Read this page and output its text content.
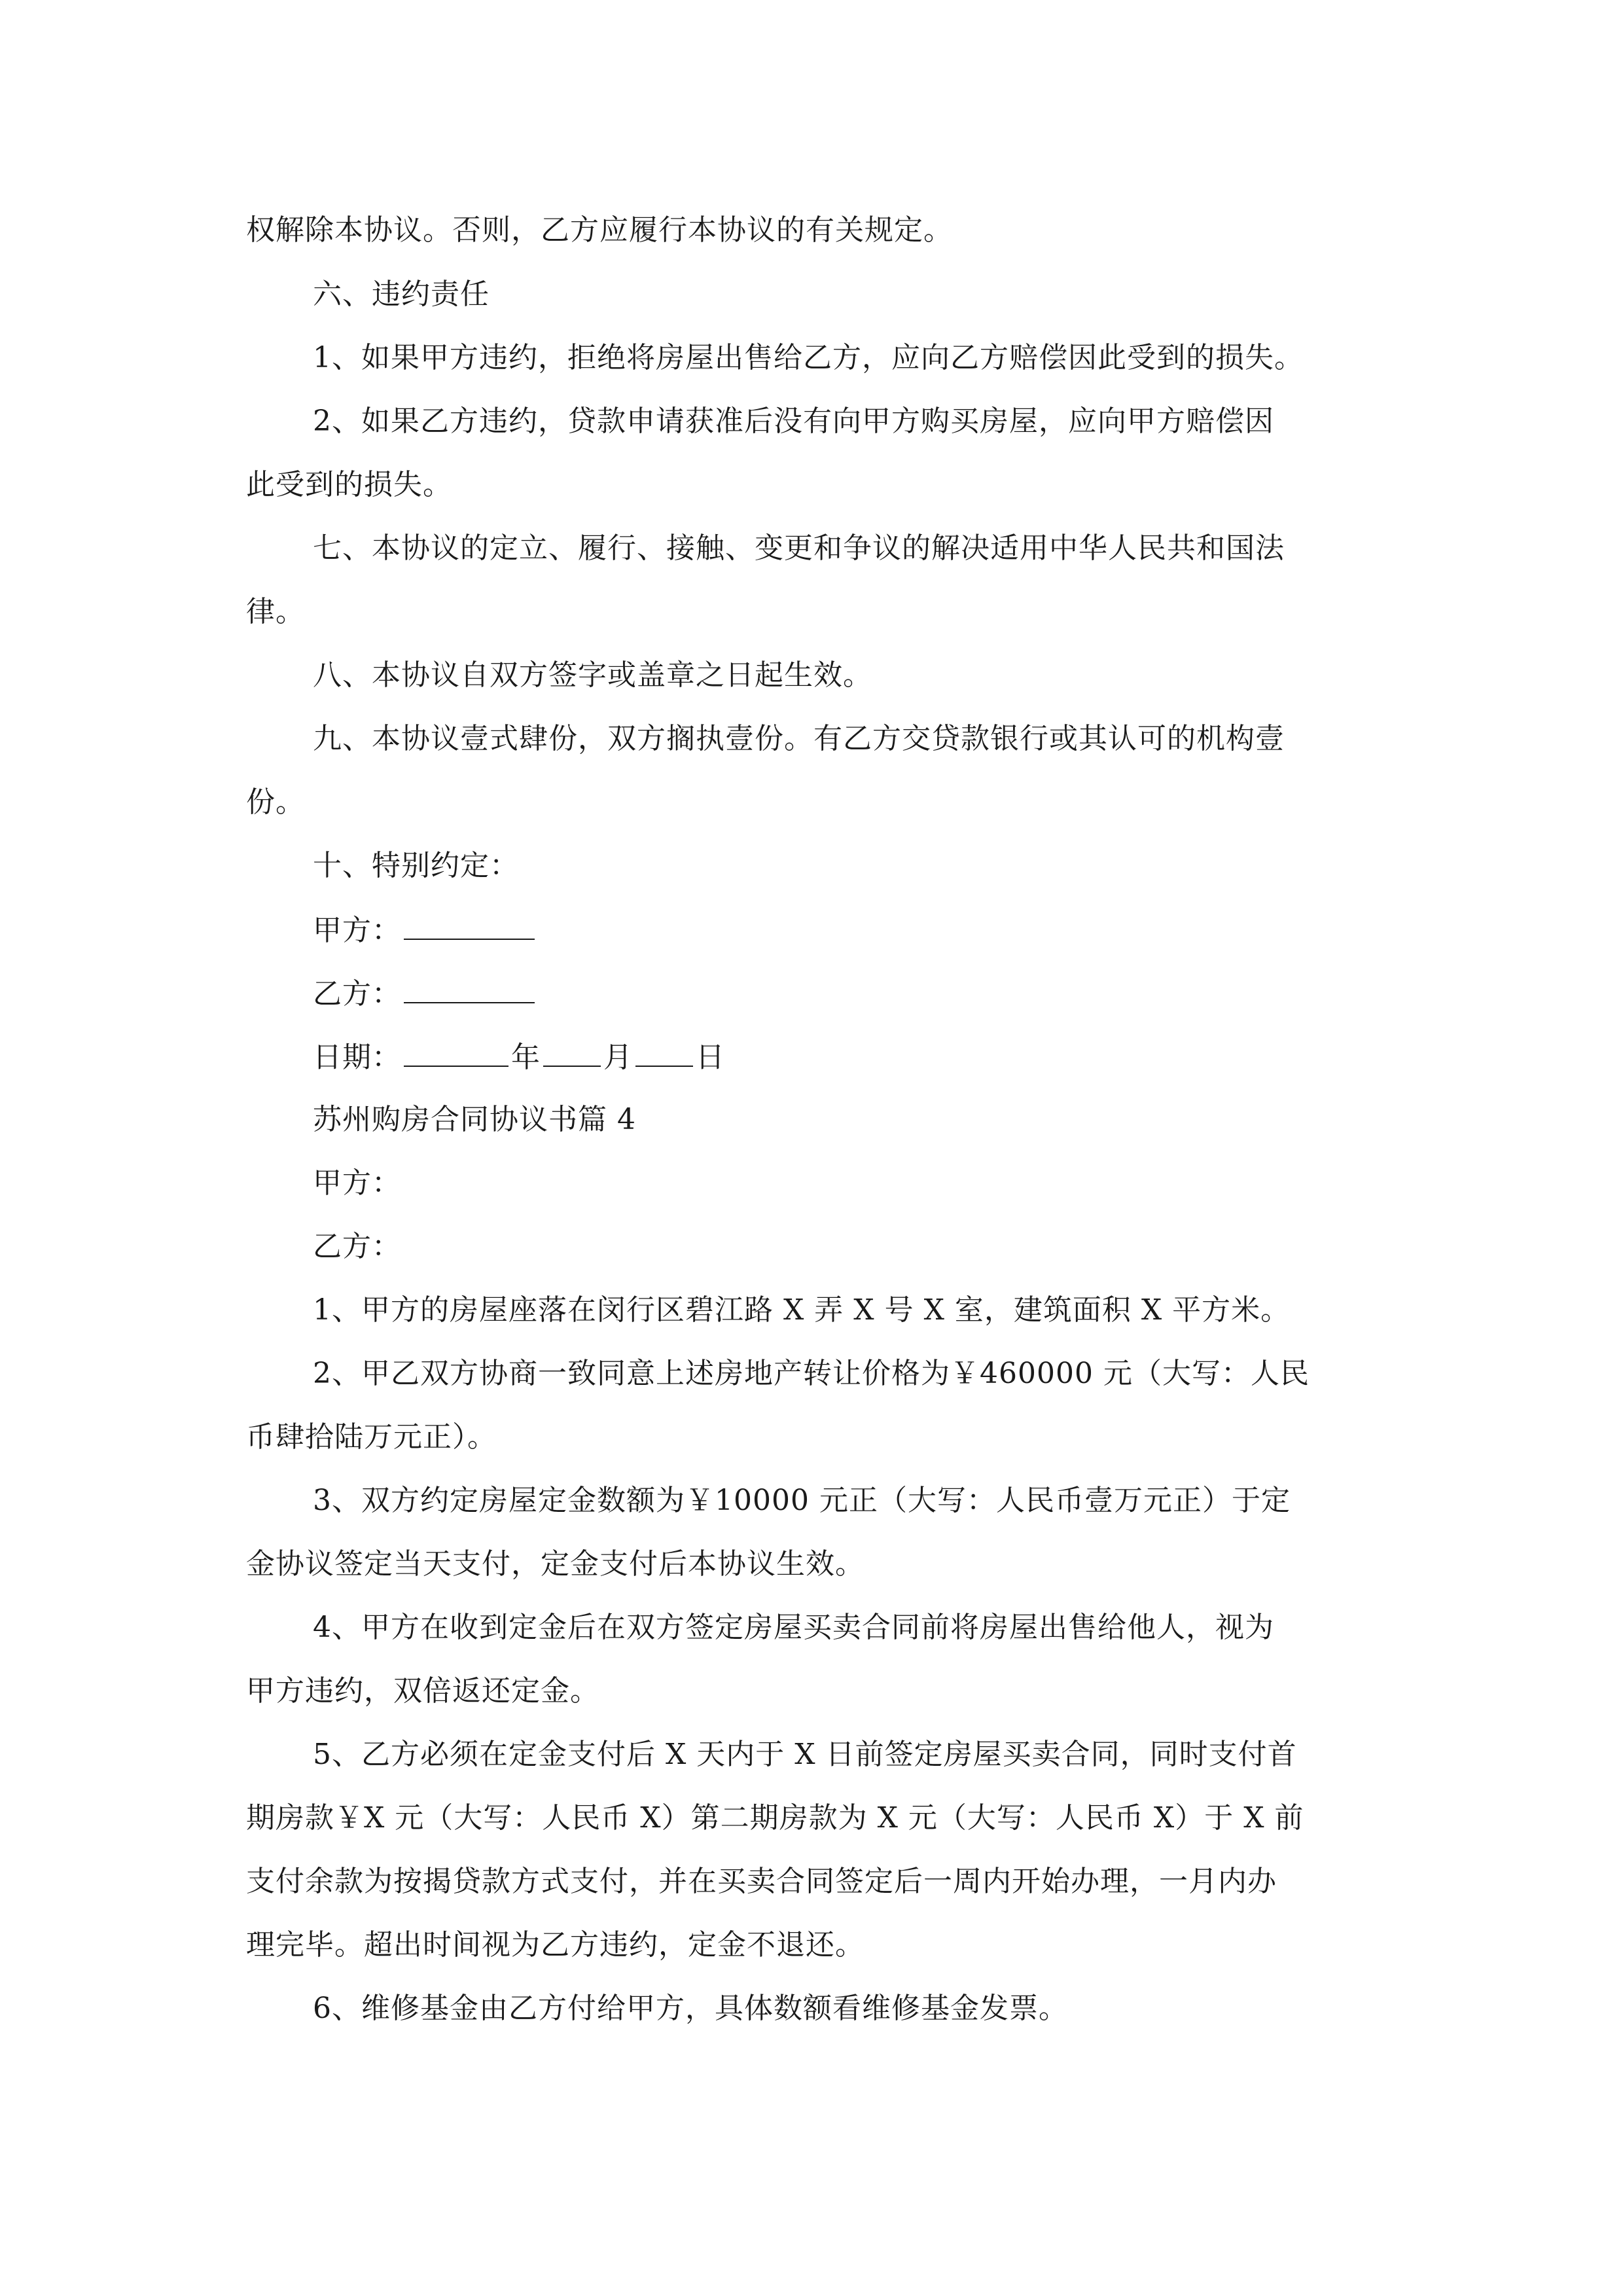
权解除本协议。否则，乙方应履行本协议的有关规定。
六、违约责任
1、如果甲方违约，拒绝将房屋出售给乙方，应向乙方赔偿因此受到的损失。
2、如果乙方违约，贷款申请获准后没有向甲方购买房屋，应向甲方赔偿因
此受到的损失。
七、本协议的定立、履行、接触、变更和争议的解决适用中华人民共和国法
律。
八、本协议自双方签字或盖章之日起生效。
九、本协议壹式肆份，双方搁执壹份。有乙方交贷款银行或其认可的机构壹
份。
十、特别约定：
甲方：
乙方：
日期：	年 月 日
苏州购房合同协议书篇 4
甲方：
乙方：
1、甲方的房屋座落在闵行区碧江路 X 弄 X 号 X 室，建筑面积 X 平方米。
2、甲乙双方协商一致同意上述房地产转让价格为￥460000 元（大写：人民
币肆拾陆万元正）。
3、双方约定房屋定金数额为￥10000 元正（大写：人民币壹万元正）于定
金协议签定当天支付，定金支付后本协议生效。
4、甲方在收到定金后在双方签定房屋买卖合同前将房屋出售给他人，视为
甲方违约，双倍返还定金。
5、乙方必须在定金支付后 X 天内于 X 日前签定房屋买卖合同，同时支付首
期房款￥X 元（大写：人民币 X）第二期房款为 X 元（大写：人民币 X）于 X 前
支付余款为按揭贷款方式支付，并在买卖合同签定后一周内开始办理，一月内办
理完毕。超出时间视为乙方违约，定金不退还。
6、维修基金由乙方付给甲方，具体数额看维修基金发票。
